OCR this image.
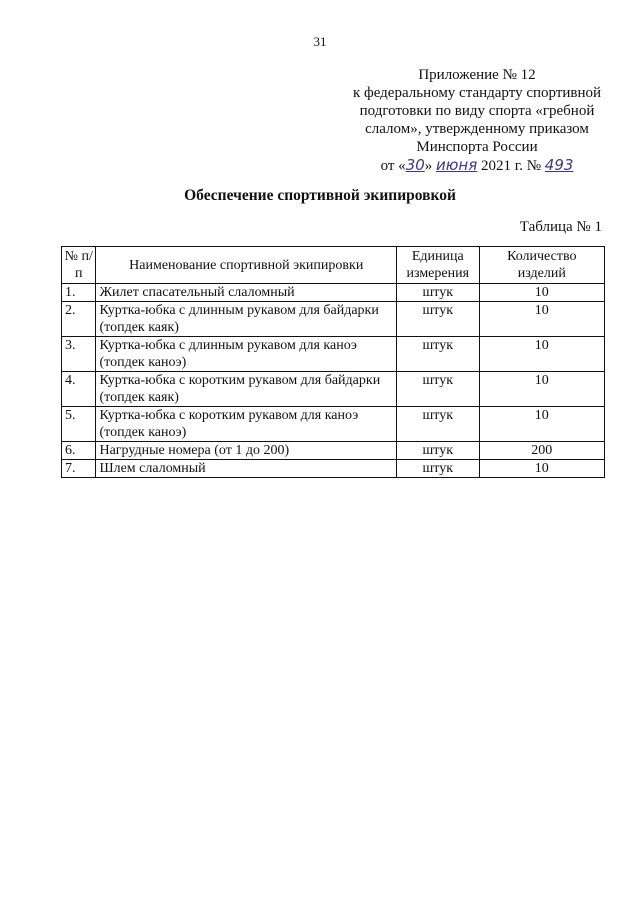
31
Приложение № 12
к федеральному стандарту спортивной
подготовки по виду спорта «гребной
слалом», утвержденному приказом
Минспорта России
от «30» июня 2021 г. № 493
Обеспечение спортивной экипировкой
Таблица № 1
№ п/п	Наименование спортивной экипировки	Единица измерения	Количество изделий
1.	Жилет спасательный слаломный	штук	10
2.	Куртка-юбка с длинным рукавом для байдарки (топдек каяк)	штук	10
3.	Куртка-юбка с длинным рукавом для каноэ (топдек каноэ)	штук	10
4.	Куртка-юбка с коротким рукавом для байдарки (топдек каяк)	штук	10
5.	Куртка-юбка с коротким рукавом для каноэ (топдек каноэ)	штук	10
6.	Нагрудные номера (от 1 до 200)	штук	200
7.	Шлем слаломный	штук	10
